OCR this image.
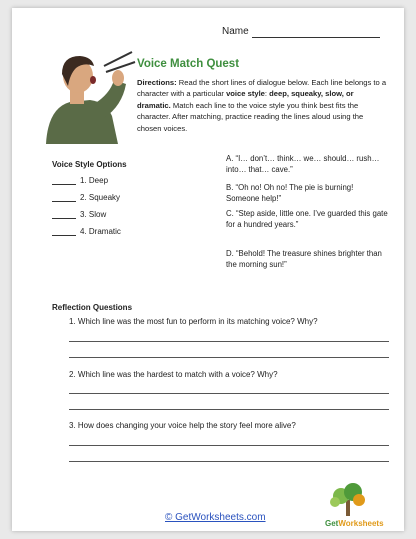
Name
Voice Match Quest
Directions: Read the short lines of dialogue below. Each line belongs to a character with a particular voice style: deep, squeaky, slow, or dramatic. Match each line to the voice style you think best fits the character. After matching, practice reading the lines aloud using the chosen voices.
Voice Style Options
1. Deep
2. Squeaky
3. Slow
4. Dramatic
A. “I… don’t… think… we… should… rush… into… that… cave.”
B. “Oh no! Oh no! The pie is burning! Someone help!”
C. “Step aside, little one. I’ve guarded this gate for a hundred years.”
D. “Behold! The treasure shines brighter than the morning sun!”
Reflection Questions
1. Which line was the most fun to perform in its matching voice? Why?
2. Which line was the hardest to match with a voice? Why?
3. How does changing your voice help the story feel more alive?
© GetWorksheets.com
GetWorksheets
